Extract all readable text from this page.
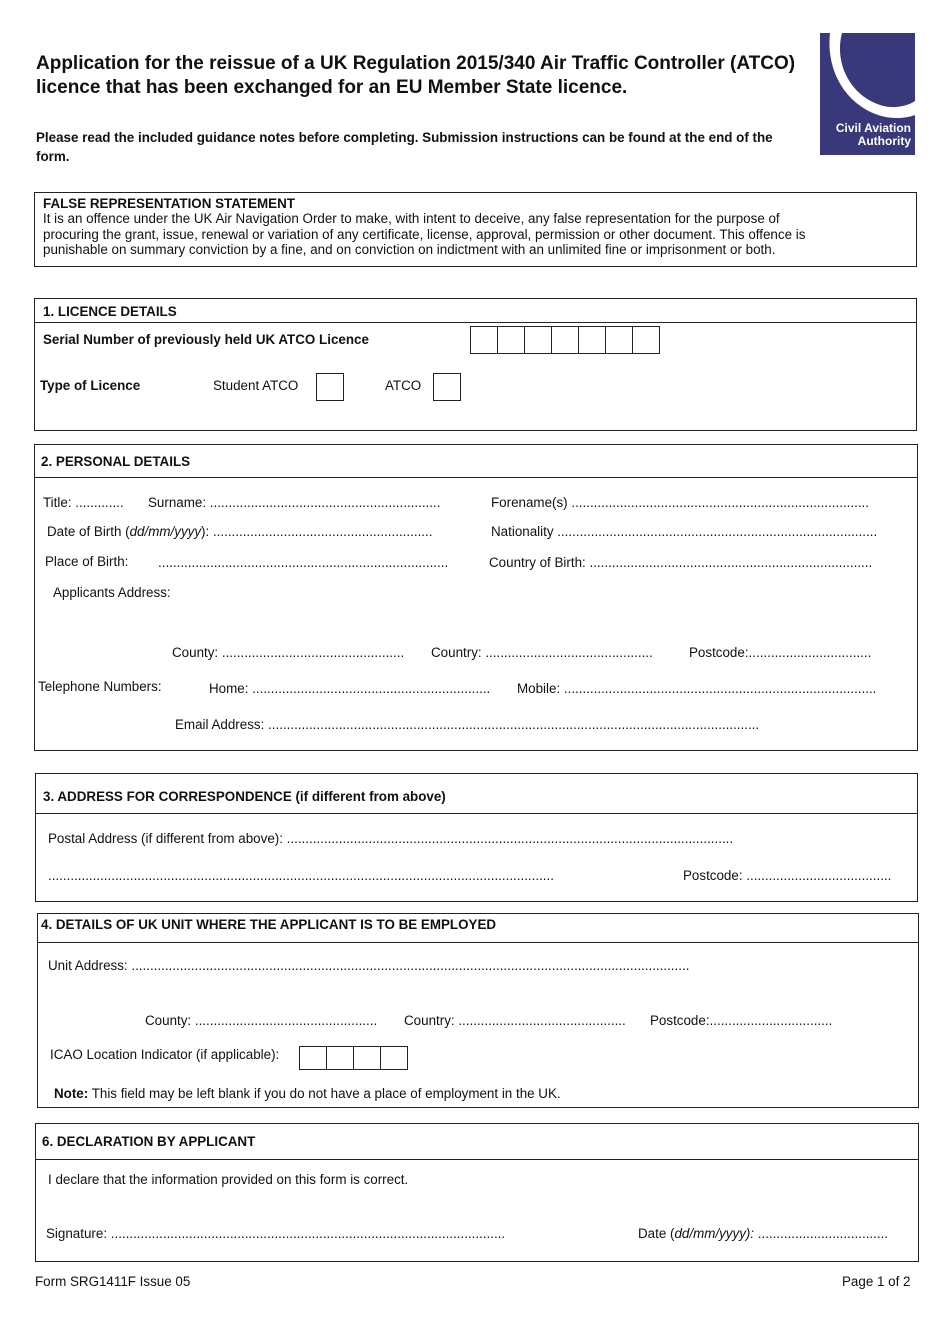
Application for the reissue of a UK Regulation 2015/340 Air Traffic Controller (ATCO) licence that has been exchanged for an EU Member State licence.
Please read the included guidance notes before completing. Submission instructions can be found at the end of the form.
Civil Aviation
Authority
FALSE REPRESENTATION STATEMENT
It is an offence under the UK Air Navigation Order to make, with intent to deceive, any false representation for the purpose of
procuring the grant, issue, renewal or variation of any certificate, license, approval, permission or other document. This offence is
punishable on summary conviction by a fine, and on conviction on indictment with an unlimited fine or imprisonment or both.
1. LICENCE DETAILS
Serial Number of previously held UK ATCO Licence
Type of Licence	Student ATCO	ATCO
2. PERSONAL DETAILS
Title: ............. Surname: ..............................................................	Forename(s) ................................................................................
Date of Birth (dd/mm/yyyy): ...........................................................	Nationality ......................................................................................
Place of Birth: ..............................................................................	Country of Birth: ............................................................................
Applicants Address:
County: ................................................. Country: .............................................	Postcode:.................................
Telephone Numbers:	Home: ................................................................ Mobile: ....................................................................................
Email Address: ....................................................................................................................................
3. ADDRESS FOR CORRESPONDENCE (if different from above)
Postal Address (if different from above): ........................................................................................................................
........................................................................................................................................	Postcode: .......................................
4. DETAILS OF UK UNIT WHERE THE APPLICANT IS TO BE EMPLOYED
Unit Address: ......................................................................................................................................................
County: ................................................. Country: ............................................. Postcode:.................................
ICAO Location Indicator (if applicable):
Note: This field may be left blank if you do not have a place of employment in the UK.
6. DECLARATION BY APPLICANT
I declare that the information provided on this form is correct.
Signature: ..........................................................................................................	Date (dd/mm/yyyy): ...................................
Form SRG1411F Issue 05	Page 1 of 2
